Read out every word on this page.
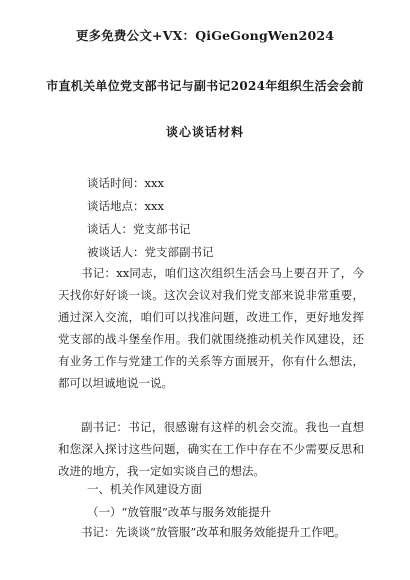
更多免费公文+VX：QiGeGongWen2024
市直机关单位党支部书记与副书记2024年组织生活会会前
谈心谈话材料
谈话时间：xxx
谈话地点：xxx
谈话人：党支部书记
被谈话人：党支部副书记
书记：xx同志，咱们这次组织生活会马上要召开了，今天找你好好谈一谈。这次会议对我们党支部来说非常重要，通过深入交流，咱们可以找准问题，改进工作，更好地发挥党支部的战斗堡垒作用。我们就围绕推动机关作风建设，还有业务工作与党建工作的关系等方面展开，你有什么想法，都可以坦诚地说一说。
副书记：书记，很感谢有这样的机会交流。我也一直想和您深入探讨这些问题，确实在工作中存在不少需要反思和改进的地方，我一定如实谈自己的想法。
一、机关作风建设方面
（一）“放管服”改革与服务效能提升
书记：先谈谈“放管服”改革和服务效能提升工作吧。
